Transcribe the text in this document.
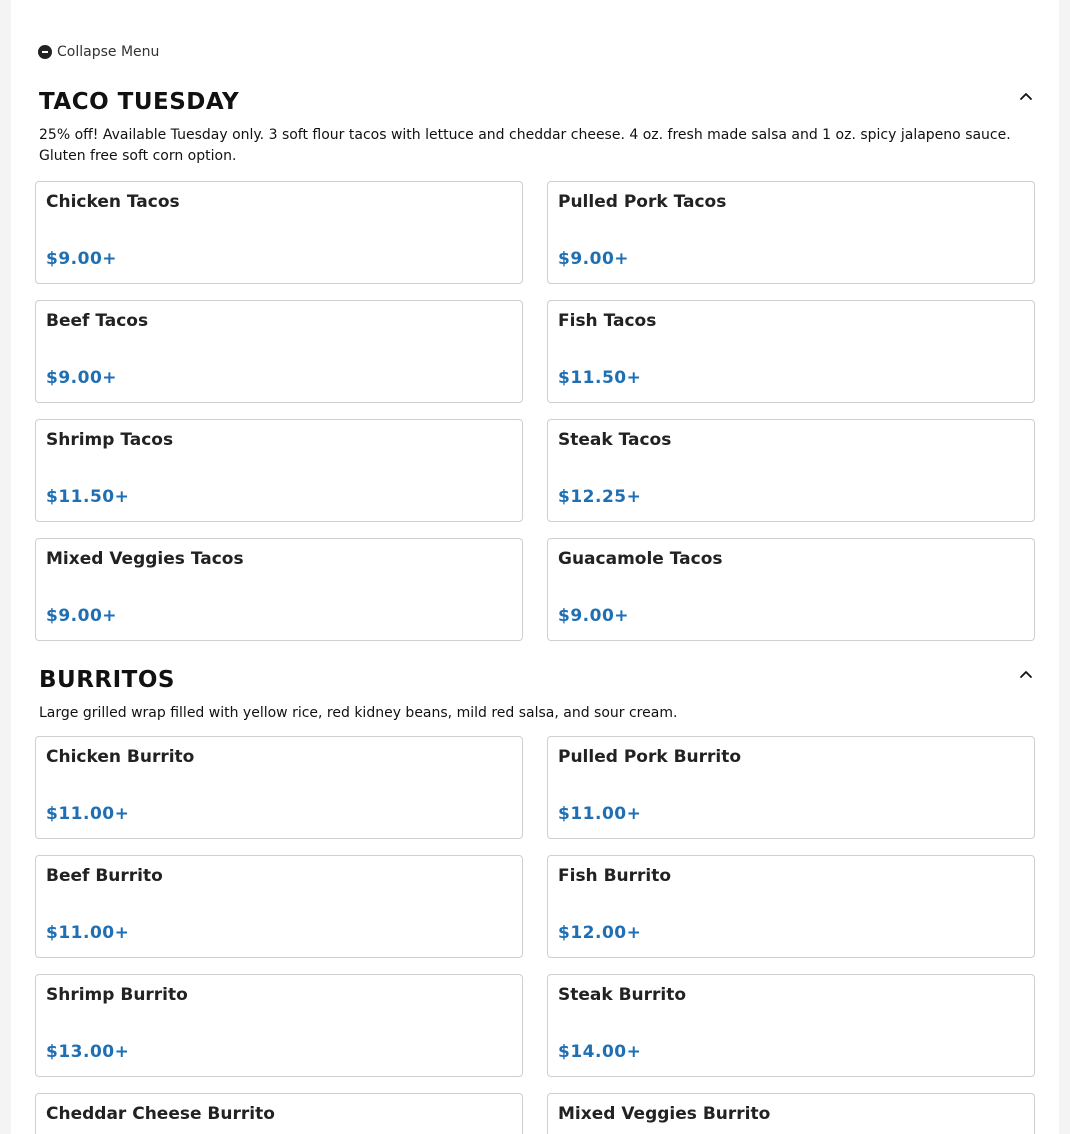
Collapse Menu
TACO TUESDAY

25% off! Available Tuesday only. 3 soft flour tacos with lettuce and cheddar cheese. 4 oz. fresh made salsa and 1 oz. spicy jalapeno sauce. Gluten free soft corn option.

Chicken Tacos
$9.00+
Pulled Pork Tacos
$9.00+
Beef Tacos
$9.00+
Fish Tacos
$11.50+
Shrimp Tacos
$11.50+
Steak Tacos
$12.25+
Mixed Veggies Tacos
$9.00+
Guacamole Tacos
$9.00+
BURRITOS

Large grilled wrap filled with yellow rice, red kidney beans, mild red salsa, and sour cream.

Chicken Burrito
$11.00+
Pulled Pork Burrito
$11.00+
Beef Burrito
$11.00+
Fish Burrito
$12.00+
Shrimp Burrito
$13.00+
Steak Burrito
$14.00+
Cheddar Cheese Burrito	Mixed Veggies Burrito
